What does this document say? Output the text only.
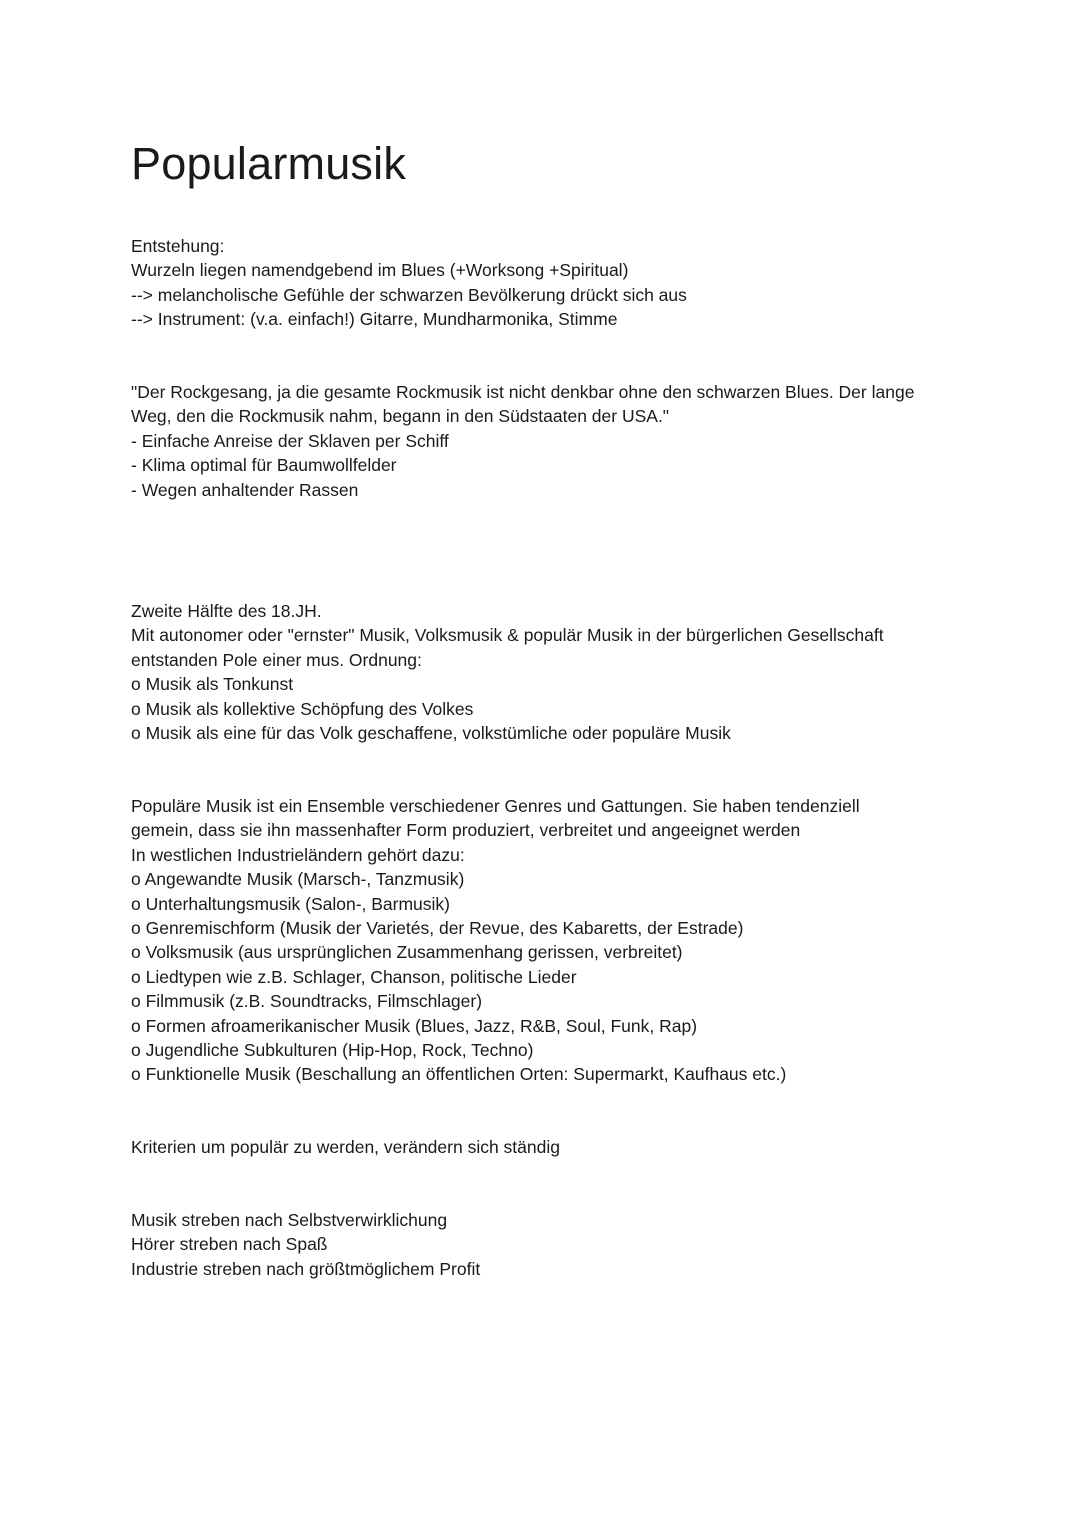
Popularmusik
Entstehung:
Wurzeln liegen namendgebend im Blues (+Worksong +Spiritual)
--> melancholische Gefühle der schwarzen Bevölkerung drückt sich aus
--> Instrument: (v.a. einfach!) Gitarre, Mundharmonika, Stimme
"Der Rockgesang, ja die gesamte Rockmusik ist nicht denkbar ohne den schwarzen Blues. Der lange
Weg, den die Rockmusik nahm, begann in den Südstaaten der USA."
- Einfache Anreise der Sklaven per Schiff
- Klima optimal für Baumwollfelder
- Wegen anhaltender Rassen
Zweite Hälfte des 18.JH.
Mit autonomer oder "ernster" Musik, Volksmusik & populär Musik in der bürgerlichen Gesellschaft
entstanden Pole einer mus. Ordnung:
o Musik als Tonkunst
o Musik als kollektive Schöpfung des Volkes
o Musik als eine für das Volk geschaffene, volkstümliche oder populäre Musik
Populäre Musik ist ein Ensemble verschiedener Genres und Gattungen. Sie haben tendenziell
gemein, dass sie ihn massenhafter Form produziert, verbreitet und angeeignet werden
In westlichen Industrieländern gehört dazu:
o Angewandte Musik (Marsch-, Tanzmusik)
o Unterhaltungsmusik (Salon-, Barmusik)
o Genremischform (Musik der Varietés, der Revue, des Kabaretts, der Estrade)
o Volksmusik (aus ursprünglichen Zusammenhang gerissen, verbreitet)
o Liedtypen wie z.B. Schlager, Chanson, politische Lieder
o Filmmusik (z.B. Soundtracks, Filmschlager)
o Formen afroamerikanischer Musik (Blues, Jazz, R&B, Soul, Funk, Rap)
o Jugendliche Subkulturen (Hip-Hop, Rock, Techno)
o Funktionelle Musik (Beschallung an öffentlichen Orten: Supermarkt, Kaufhaus etc.)
Kriterien um populär zu werden, verändern sich ständig
Musik streben nach Selbstverwirklichung
Hörer streben nach Spaß
Industrie streben nach größtmöglichem Profit
